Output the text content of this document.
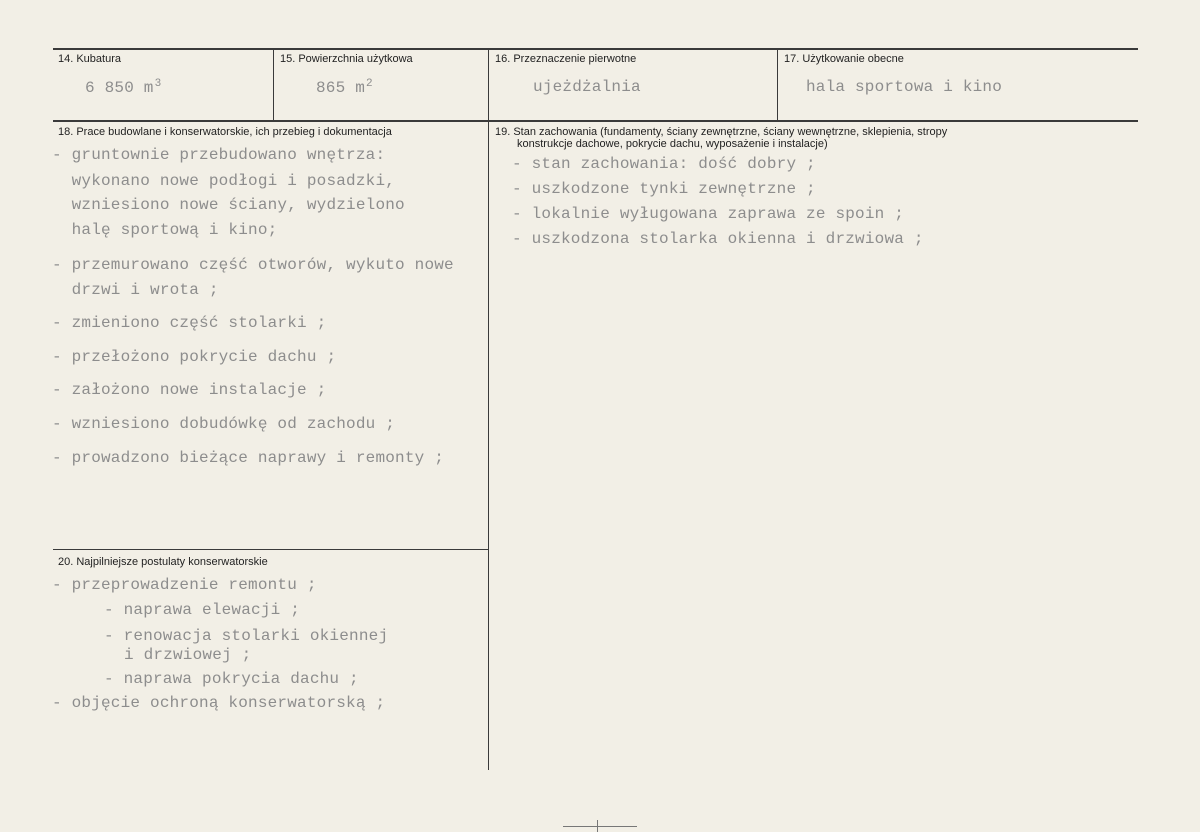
14. Kubatura	15. Powierzchnia użytkowa	16. Przeznaczenie pierwotne	17. Użytkowanie obecne
6 850 $m^3$	865 $m^2$	ujeżdżalnia	hala sportowa i kino
18. Prace budowlane i konserwatorskie, ich przebieg i dokumentacja
- gruntownie przebudowano wnętrza:
wykonano nowe podłogi i posadzki,
wzniesiono nowe ściany, wydzielono
halę sportową i kino;
- przemurowano część otworów, wykuto nowe
drzwi i wrota ;
- zmieniono część stolarki ;
- przełożono pokrycie dachu ;
- założono nowe instalacje ;
- wzniesiono dobudówkę od zachodu ;
- prowadzono bieżące naprawy i remonty ;
19. Stan zachowania (fundamenty, ściany zewnętrzne, ściany wewnętrzne, sklepienia, stropy
konstrukcje dachowe, pokrycie dachu, wyposażenie i instalacje)
- stan zachowania: dość dobry ;
- uszkodzone tynki zewnętrzne ;
- lokalnie wyługowana zaprawa ze spoin ;
- uszkodzona stolarka okienna i drzwiowa ;
20. Najpilniejsze postulaty konserwatorskie
- przeprowadzenie remontu ;
- naprawa elewacji ;
- renowacja stolarki okiennej
i drzwiowej ;
- naprawa pokrycia dachu ;
- objęcie ochroną konserwatorską ;
